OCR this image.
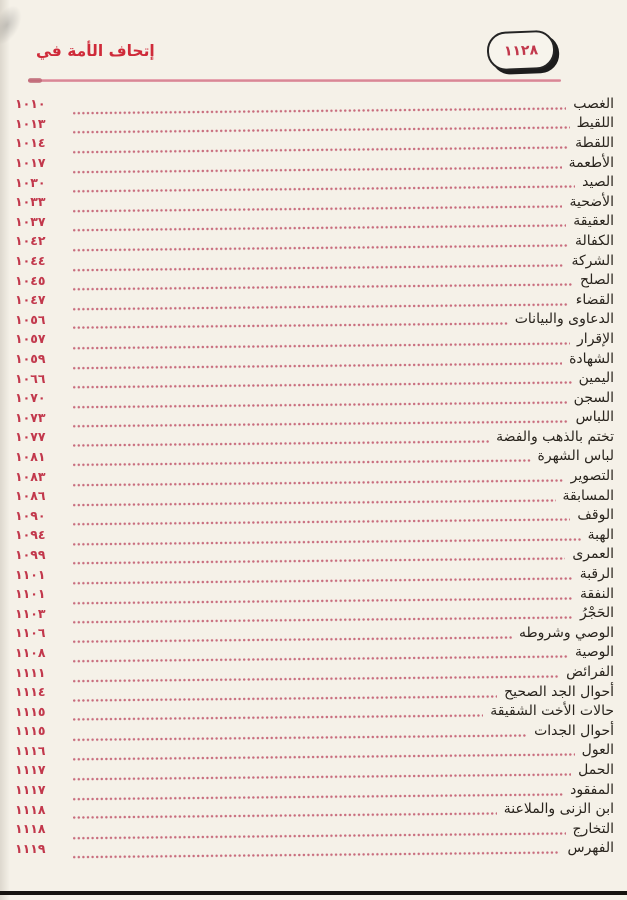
١١٢٨
إتحاف الأمة في
الغصب
١٠١٠
اللقيط
١٠١٣
اللقطة
١٠١٤
الأطعمة
١٠١٧
الصيد
١٠٣٠
الأضحية
١٠٣٣
العقيقة
١٠٣٧
الكفالة
١٠٤٢
الشركة
١٠٤٤
الصلح
١٠٤٥
القضاء
١٠٤٧
الدعاوى والبيانات
١٠٥٦
الإقرار
١٠٥٧
الشهادة
١٠٥٩
اليمين
١٠٦٦
السجن
١٠٧٠
اللباس
١٠٧٣
تختم بالذهب والفضة
١٠٧٧
لباس الشهرة
١٠٨١
التصوير
١٠٨٣
المسابقة
١٠٨٦
الوقف
١٠٩٠
الهبة
١٠٩٤
العمرى
١٠٩٩
الرقبة
١١٠١
النفقة
١١٠١
الحَجْرُ
١١٠٣
الوصي وشروطه
١١٠٦
الوصية
١١٠٨
الفرائض
١١١١
أحوال الجد الصحيح
١١١٤
حالات الأخت الشقيقة
١١١٥
أحوال الجدات
١١١٥
العول
١١١٦
الحمل
١١١٧
المفقود
١١١٧
ابن الزنى والملاعنة
١١١٨
التخارج
١١١٨
الفهرس
١١١٩
